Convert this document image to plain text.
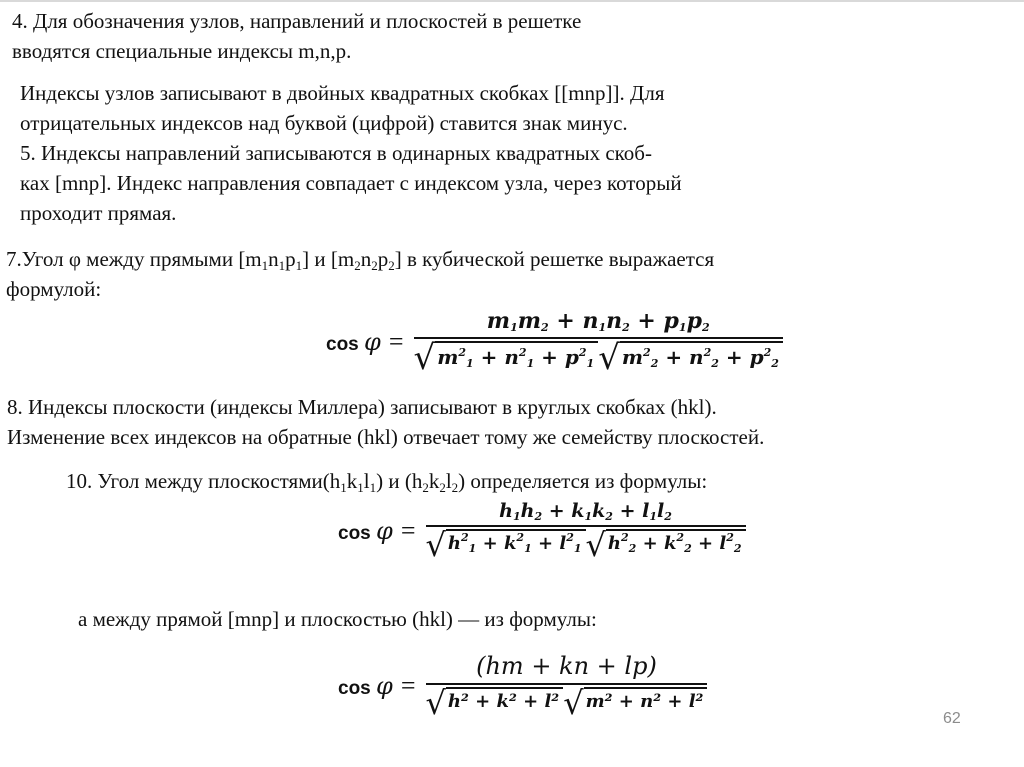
4. Для обозначения узлов, направлений и плоскостей в решетке
вводятся специальные индексы m,n,p.
Индексы узлов записывают в двойных квадратных скобках [[mnp]]. Для
отрицательных индексов над буквой (цифрой) ставится знак минус.
5. Индексы направлений записываются в одинарных квадратных скоб-
ках [mnp]. Индекс направления совпадает с индексом узла, через который
проходит прямая.
7.Угол φ между прямыми $[m_1n_1p_1]$ и $[m_2n_2p_2]$ в кубической решетке выражается
формулой:
$\cos \varphi = \frac{m_1m_2 + n_1n_2 + p_1p_2}{√ m^2_1 + n^2_1 + p^2_1 √ m^2_2 + n^2_2 + p^2_2}$
8. Индексы плоскости (индексы Миллера) записывают в круглых скобках (hkl).
Изменение всех индексов на обратные (hkl) отвечает тому же семейству плоскостей.
10. Угол между $плоскостями(h_1k_1l_1)$ и $(h_2k_2l_2)$ определяется из формулы:
$\cos \varphi = \frac{h_1h_2 + k_1k_2 + l_1l_2}{√ h^2_1 + k^2_1 + l^2_1 √ h^2_2 + k^2_2 + l^2_2}$
а между прямой [mnp] и плоскостью (hkl) — из формулы:
$\cos \varphi = \frac{(hm + kn + lp)}{\text{√ h² + k² + l² √ m² + n² + l²}}$	62
